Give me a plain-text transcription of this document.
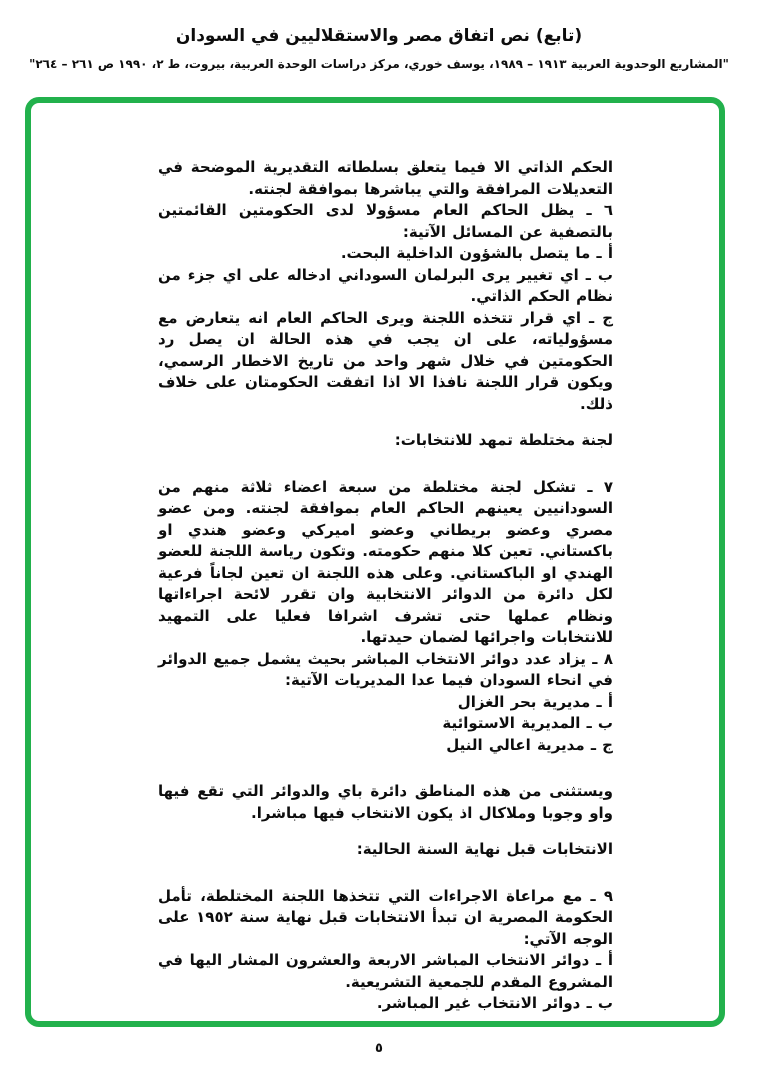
(تابع) نص اتفاق مصر والاستقلاليين في السودان
"المشاريع الوحدوية العربية ١٩١٣ – ١٩٨٩، يوسف خوري، مركز دراسات الوحدة العربية، بيروت، ط ٢، ١٩٩٠ ص ٢٦١ – ٢٦٤"

الحكم الذاتي الا فيما يتعلق بسلطاته التقديرية الموضحة في التعديلات المرافقة والتي يباشرها بموافقة لجنته.

٦ ـ يظل الحاكم العام مسؤولا لدى الحكومتين القائمتين بالتصفية عن المسائل الآتية:

أ ـ ما يتصل بالشؤون الداخلية البحت.

ب ـ اي تغيير يرى البرلمان السوداني ادخاله على اي جزء من نظام الحكم الذاتي.

ج ـ اي قرار تتخذه اللجنة ويرى الحاكم العام انه يتعارض مع مسؤولياته، على ان يجب في هذه الحالة ان يصل رد الحكومتين في خلال شهر واحد من تاريخ الاخطار الرسمي، ويكون قرار اللجنة نافذا الا اذا اتفقت الحكومتان على خلاف ذلك.

لجنة مختلطة تمهد للانتخابات:

٧ ـ تشكل لجنة مختلطة من سبعة اعضاء ثلاثة منهم من السودانيين يعينهم الحاكم العام بموافقة لجنته. ومن عضو مصري وعضو بريطاني وعضو اميركي وعضو هندي او باكستاني. تعين كلا منهم حكومته. وتكون رياسة اللجنة للعضو الهندي او الباكستاني. وعلى هذه اللجنة ان تعين لجاناً فرعية لكل دائرة من الدوائر الانتخابية وان تقرر لائحة اجراءاتها ونظام عملها حتى تشرف اشرافا فعليا على التمهيد للانتخابات واجرائها لضمان حيدتها.

٨ ـ يزاد عدد دوائر الانتخاب المباشر بحيث يشمل جميع الدوائر في انحاء السودان فيما عدا المديريات الآتية:

أ ـ مديرية بحر الغزال

ب ـ المديرية الاستوائية

ج ـ مديرية اعالي النيل

ويستثنى من هذه المناطق دائرة باي والدوائر التي تقع فيها واو وجوبا وملاكال اذ يكون الانتخاب فيها مباشرا.

الانتخابات قبل نهاية السنة الحالية:

٩ ـ مع مراعاة الاجراءات التي تتخذها اللجنة المختلطة، تأمل الحكومة المصرية ان تبدأ الانتخابات قبل نهاية سنة ١٩٥٢ على الوجه الآتي:

أ ـ دوائر الانتخاب المباشر الاربعة والعشرون المشار اليها في المشروع المقدم للجمعية التشريعية.

ب ـ دوائر الانتخاب غير المباشر.

٥
